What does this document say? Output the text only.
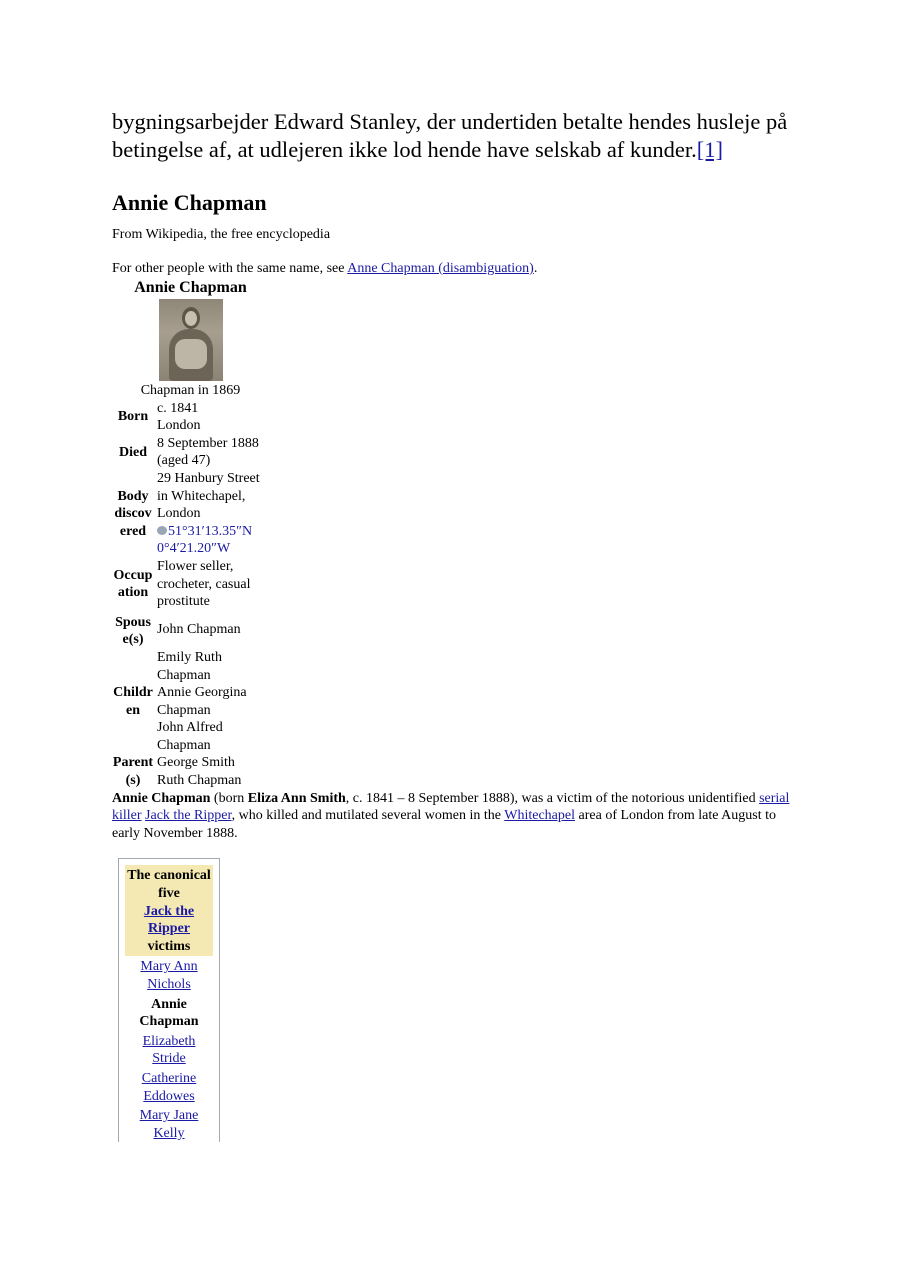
bygningsarbejder Edward Stanley, der undertiden betalte hendes husleje på betingelse af, at udlejeren ikke lod hende have selskab af kunder.[1]

Annie Chapman

From Wikipedia, the free encyclopedia

For other people with the same name, see Anne Chapman (disambiguation).

Annie Chapman	

Chapman in 1869	
Born	c. 1841
London

Died	8 September 1888
(aged 47)

Body discovered	29 Hanbury Street in Whitechapel, London
51°31′13.35″N 0°4′21.20″W

Occupation	Flower seller, crocheter, casual prostitute
Spouse(s)	John Chapman
Children	Emily Ruth Chapman
Annie Georgina Chapman
John Alfred Chapman

Parent(s)	George Smith
Ruth Chapman

Annie Chapman (born Eliza Ann Smith, c. 1841 – 8 September 1888), was a victim of the notorious unidentified serial killer Jack the Ripper, who killed and mutilated several women in the Whitechapel area of London from late August to early November 1888.

The canonical five
Jack the Ripper
victims
Mary Ann Nichols
Annie Chapman
Elizabeth Stride
Catherine Eddowes
Mary Jane Kelly
